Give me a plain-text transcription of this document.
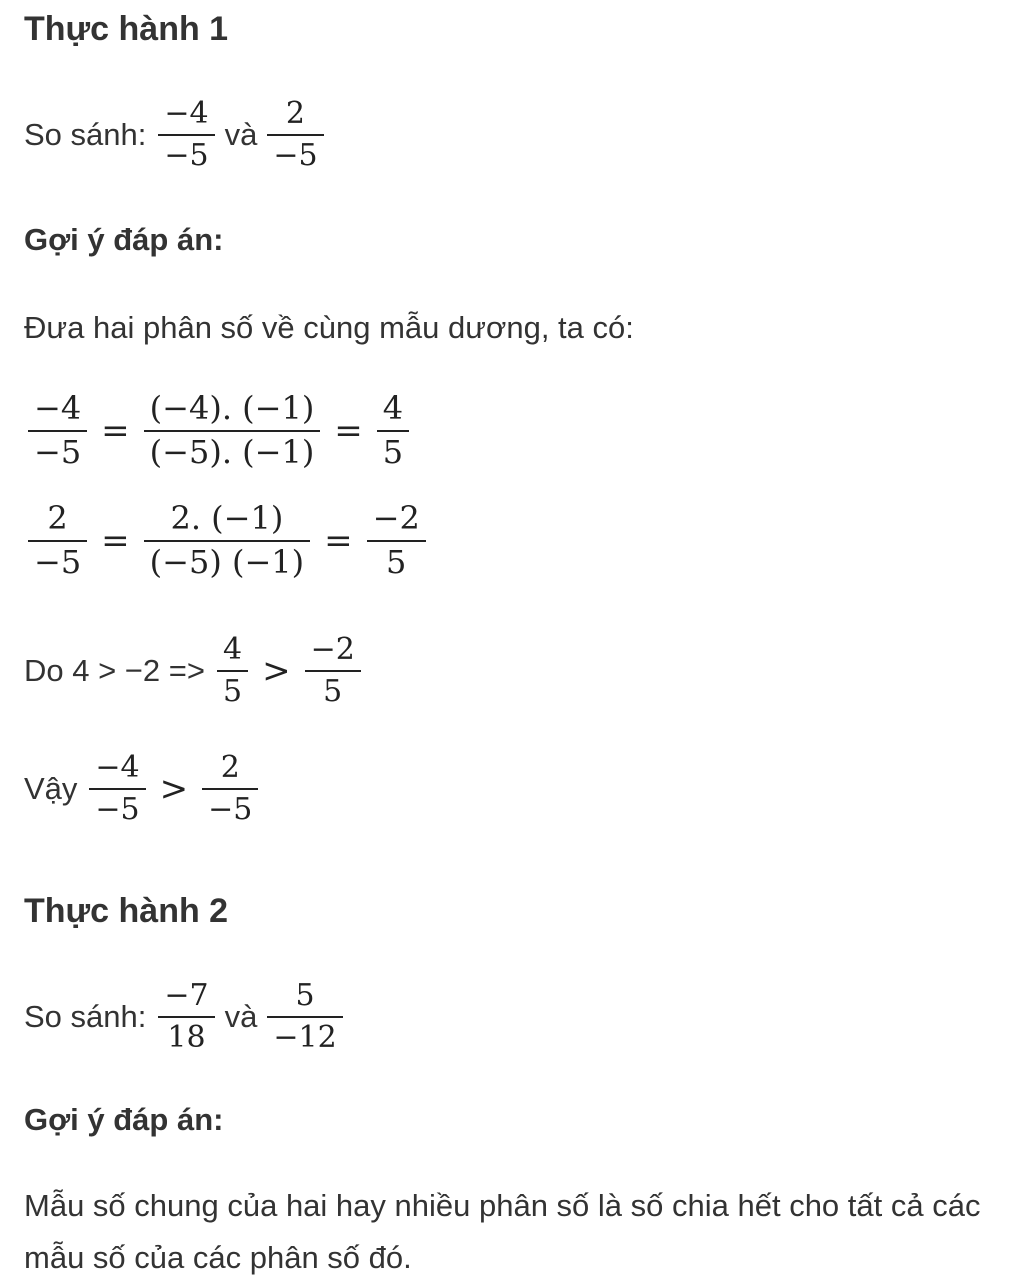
Thực hành 1
So sánh: $\frac{-4}{-5}$ và $\frac{2}{-5}$
Gợi ý đáp án:
Đưa hai phân số về cùng mẫu dương, ta có:
$\frac{-4}{-5} = \frac{(-4). (-1)}{(-5). (-1)} = \frac{4}{5}$
$\frac{2}{-5} = \frac{2. (-1)}{(-5) (-1)} = \frac{-2}{5}$
Do $4 > -2 => \frac{4}{5} > \frac{-2}{5}$
Vậy $\frac{-4}{-5} > \frac{2}{-5}$
Thực hành 2
So sánh: $\frac{-7}{18}$ và $\frac{5}{-12}$
Gợi ý đáp án:
Mẫu số chung của hai hay nhiều phân số là số chia hết cho tất cả các mẫu số của các phân số đó.
